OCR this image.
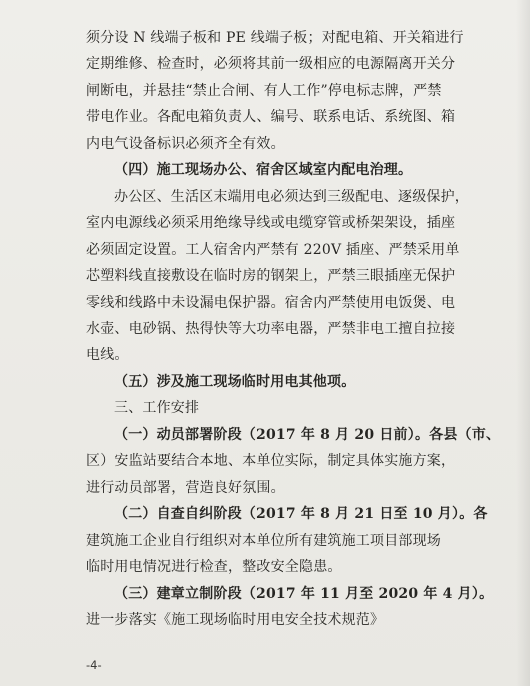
须分设 N 线端子板和 PE 线端子板；对配电箱、开关箱进行
定期维修、检查时，必须将其前一级相应的电源隔离开关分
闸断电，并悬挂“禁止合闸、有人工作”停电标志牌，严禁
带电作业。各配电箱负责人、编号、联系电话、系统图、箱
内电气设备标识必须齐全有效。
（四）施工现场办公、宿舍区域室内配电治理。
办公区、生活区末端用电必须达到三级配电、逐级保护，
室内电源线必须采用绝缘导线或电缆穿管或桥架架设，插座
必须固定设置。工人宿舍内严禁有 220V 插座、严禁采用单
芯塑料线直接敷设在临时房的钢架上，严禁三眼插座无保护
零线和线路中未设漏电保护器。宿舍内严禁使用电饭煲、电
水壶、电砂锅、热得快等大功率电器，严禁非电工擅自拉接
电线。
（五）涉及施工现场临时用电其他项。
三、工作安排
（一）动员部署阶段（2017 年 8 月 20 日前）。各县（市、
区）安监站要结合本地、本单位实际，制定具体实施方案，
进行动员部署，营造良好氛围。
（二）自查自纠阶段（2017 年 8 月 21 日至 10 月）。各
建筑施工企业自行组织对本单位所有建筑施工项目部现场
临时用电情况进行检查，整改安全隐患。
（三）建章立制阶段（2017 年 11 月至 2020 年 4 月）。
进一步落实《施工现场临时用电安全技术规范》
-4-
